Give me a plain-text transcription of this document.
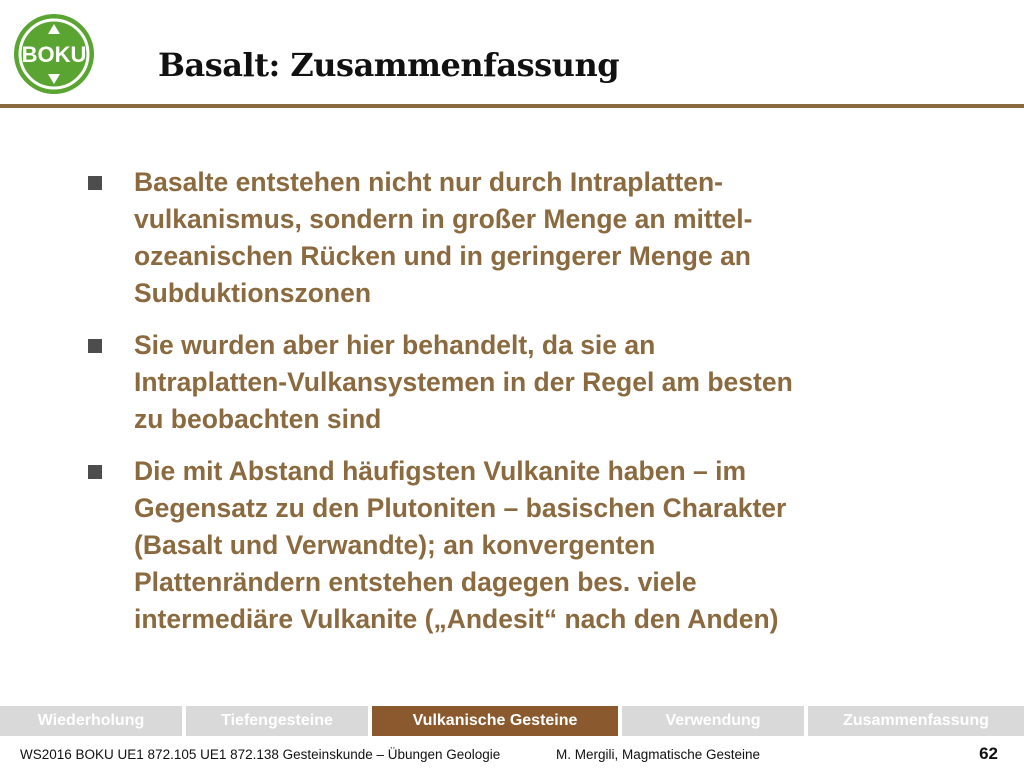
BOKU Basalt: Zusammenfassung

Basalte entstehen nicht nur durch Intraplatten-
vulkanismus, sondern in großer Menge an mittel-
ozeanischen Rücken und in geringerer Menge an
Subduktionszonen

Sie wurden aber hier behandelt, da sie an
Intraplatten-Vulkansystemen in der Regel am besten
zu beobachten sind

Die mit Abstand häufigsten Vulkanite haben – im
Gegensatz zu den Plutoniten – basischen Charakter
(Basalt und Verwandte); an konvergenten
Plattenrändern entstehen dagegen bes. viele
intermediäre Vulkanite („Andesit“ nach den Anden)

Wiederholung	Tiefengesteine	Vulkanische Gesteine	Verwendung	Zusammenfassung
WS2016 BOKU UE1 872.105 UE1 872.138 Gesteinskunde – Übungen Geologie	M. Mergili, Magmatische Gesteine	62
